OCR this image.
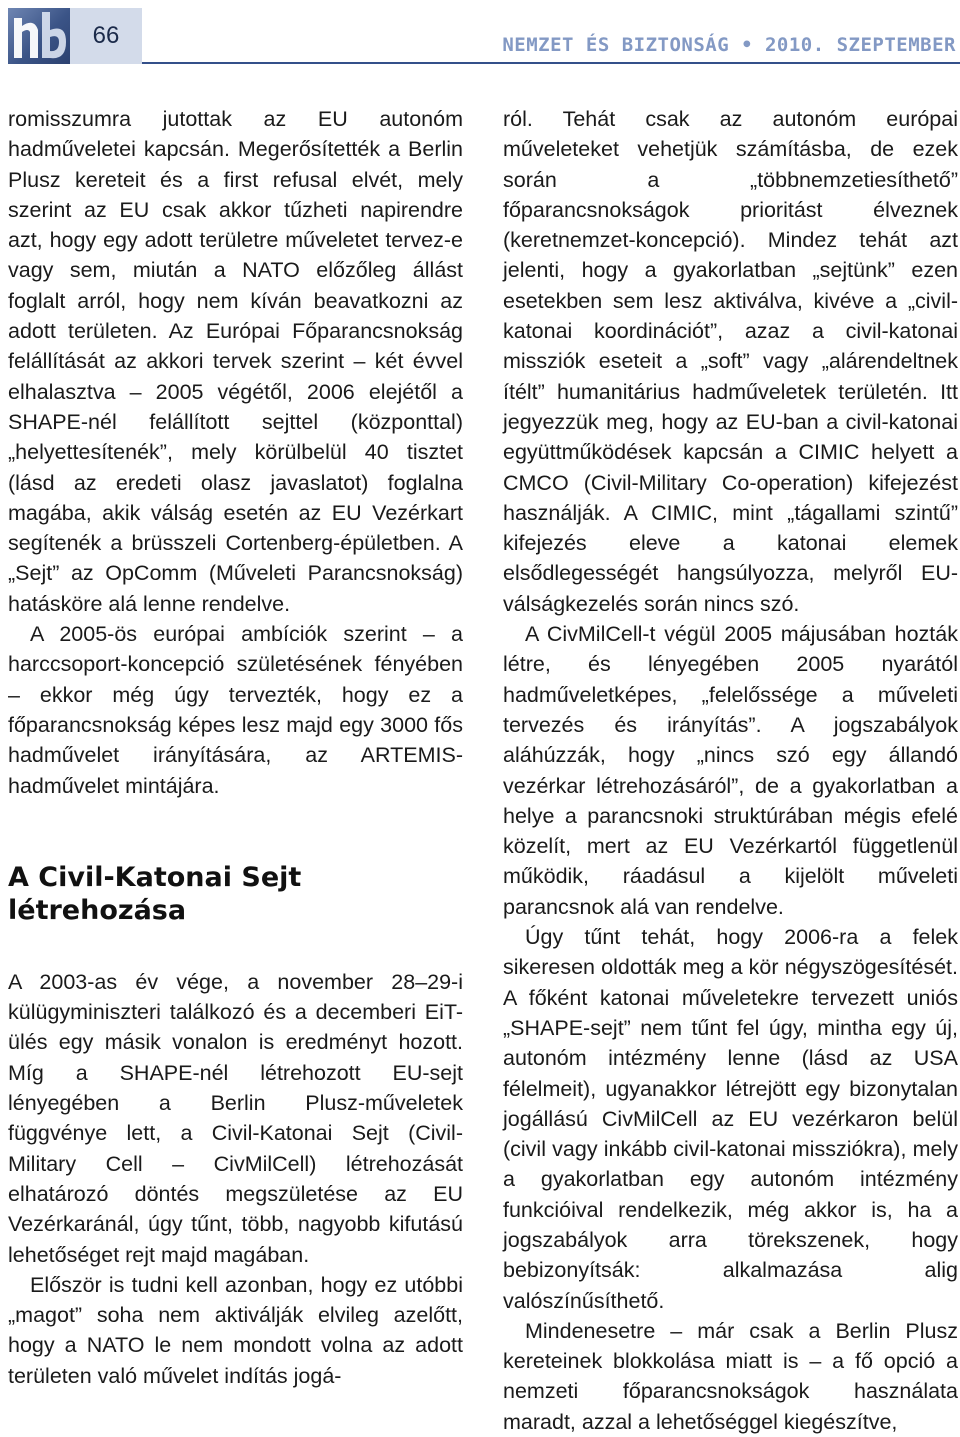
66	NEMZET ÉS BIZTONSÁG • 2010. SZEPTEMBER

romisszumra jutottak az EU autonóm hadműveletei kapcsán. Megerősítették a Berlin Plusz kereteit és a first refusal elvét, mely szerint az EU csak akkor tűzheti napirendre azt, hogy egy adott területre műveletet tervez-e vagy sem, miután a NATO előzőleg állást foglalt arról, hogy nem kíván beavatkozni az adott területen. Az Európai Főparancsnokság felállítását az akkori tervek szerint – két évvel elhalasztva – 2005 végétől, 2006 elejétől a SHAPE-nél felállított sejttel (központtal) „helyettesítenék”, mely körülbelül 40 tisztet (lásd az eredeti olasz javaslatot) foglalna magába, akik válság esetén az EU Vezérkart segítenék a brüsszeli Cortenberg-épületben. A „Sejt” az OpComm (Műveleti Parancsnokság) hatásköre alá lenne rendelve.

A 2005-ös európai ambíciók szerint – a harccsoport-koncepció születésének fényében – ekkor még úgy tervezték, hogy ez a főparancsnokság képes lesz majd egy 3000 fős hadművelet irányítására, az ARTEMIS-hadművelet mintájára.

A Civil-Katonai Sejt létrehozása

A 2003-as év vége, a november 28–29-i külügyminiszteri találkozó és a decemberi EiT-ülés egy másik vonalon is eredményt hozott. Míg a SHAPE-nél létrehozott EU-sejt lényegében a Berlin Plusz-műveletek függvénye lett, a Civil-Katonai Sejt (Civil-Military Cell – CivMilCell) létrehozását elhatározó döntés megszületése az EU Vezérkaránál, úgy tűnt, több, nagyobb kifutású lehetőséget rejt majd magában.

Először is tudni kell azonban, hogy ez utóbbi „magot” soha nem aktiválják elvileg azelőtt, hogy a NATO le nem mondott volna az adott területen való művelet indítás jogá-

ról. Tehát csak az autonóm európai műveleteket vehetjük számításba, de ezek során a „többnemzetiesíthető” főparancsnokságok prioritást élveznek (keretnemzet-koncepció). Mindez tehát azt jelenti, hogy a gyakorlatban „sejtünk” ezen esetekben sem lesz aktiválva, kivéve a „civil-katonai koordinációt”, azaz a civil-katonai missziók eseteit a „soft” vagy „alárendeltnek ítélt” humanitárius hadműveletek területén. Itt jegyezzük meg, hogy az EU-ban a civil-katonai együttműködések kapcsán a CIMIC helyett a CMCO (Civil-Military Co-operation) kifejezést használják. A CIMIC, mint „tágallami szintű” kifejezés eleve a katonai elemek elsődlegességét hangsúlyozza, melyről EU-válságkezelés során nincs szó.

A CivMilCell-t végül 2005 májusában hozták létre, és lényegében 2005 nyarától hadműveletképes, „felelőssége a műveleti tervezés és irányítás”. A jogszabályok aláhúzzák, hogy „nincs szó egy állandó vezérkar létrehozásáról”, de a gyakorlatban a helye a parancsnoki struktúrában mégis efelé közelít, mert az EU Vezérkartól függetlenül működik, ráadásul a kijelölt műveleti parancsnok alá van rendelve.

Úgy tűnt tehát, hogy 2006-ra a felek sikeresen oldották meg a kör négyszögesítését. A főként katonai műveletekre tervezett uniós „SHAPE-sejt” nem tűnt fel úgy, mintha egy új, autonóm intézmény lenne (lásd az USA félelmeit), ugyanakkor létrejött egy bizonytalan jogállású CivMilCell az EU vezérkaron belül (civil vagy inkább civil-katonai missziókra), mely a gyakorlatban egy autonóm intézmény funkcióival rendelkezik, még akkor is, ha a jogszabályok arra törekszenek, hogy bebizonyítsák: alkalmazása alig valószínűsíthető.

Mindenesetre – már csak a Berlin Plusz kereteinek blokkolása miatt is – a fő opció a nemzeti főparancsnokságok használata maradt, azzal a lehetőséggel kiegészítve,
